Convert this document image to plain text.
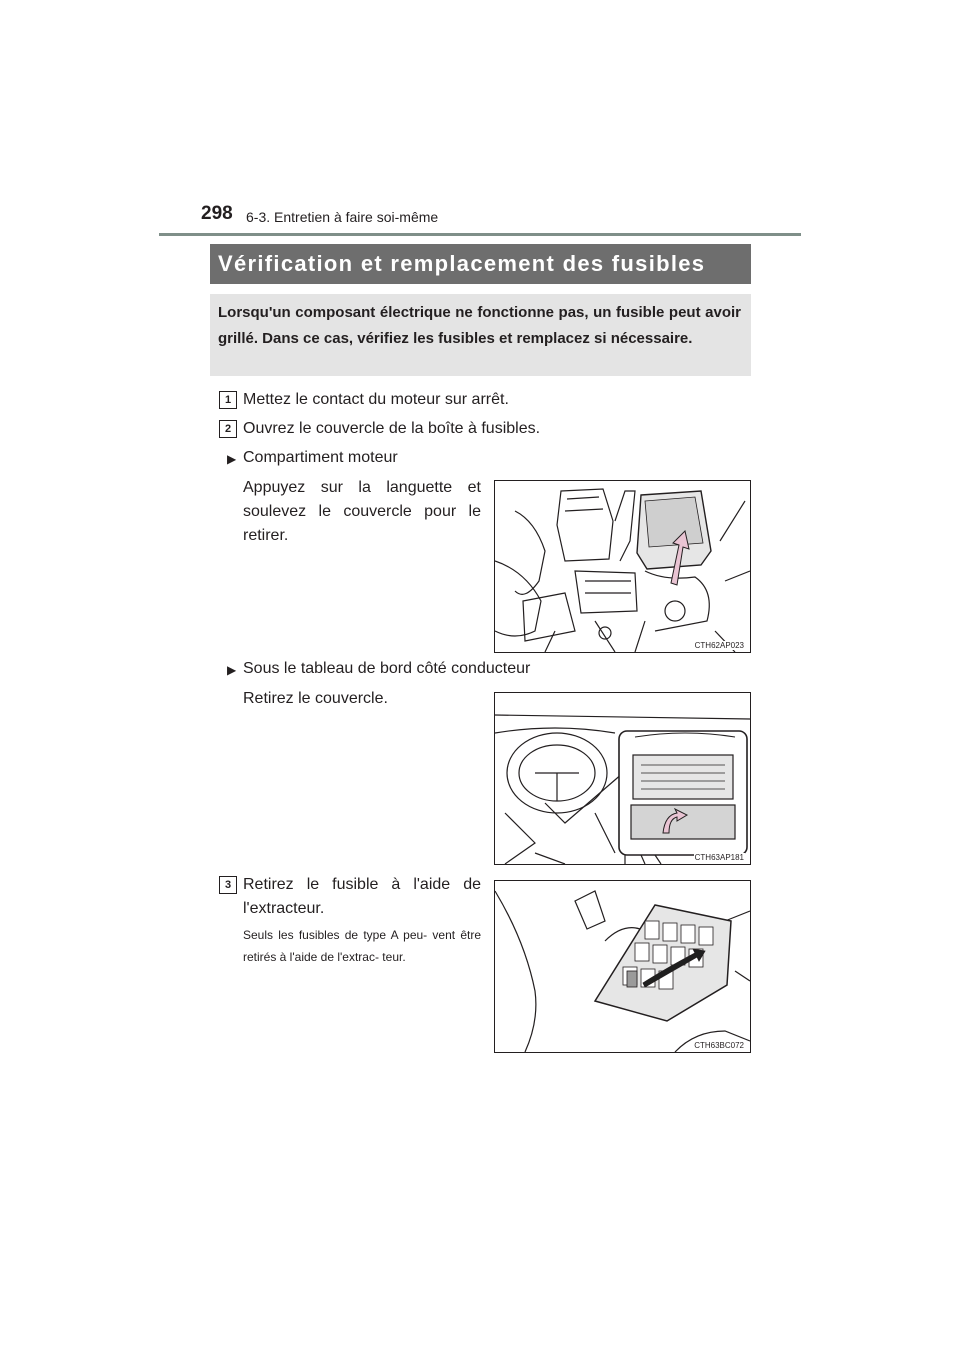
298 6-3. Entretien à faire soi-même
Vérification et remplacement des fusibles

Lorsqu'un composant électrique ne fonctionne pas, un fusible peut avoir grillé. Dans ce cas, vérifiez les fusibles et remplacez si nécessaire.

1 Mettez le contact du moteur sur arrêt.
2 Ouvrez le couvercle de la boîte à fusibles.
▶ Compartiment moteur

Appuyez sur la languette et soulevez le couvercle pour le retirer.

CTH62AP023
▶ Sous le tableau de bord côté conducteur
Retirez le couvercle.
CTH63AP181
3 Retirez le fusible à l'aide de l'extracteur.

Seuls les fusibles de type A peu- vent être retirés à l'aide de l'extrac- teur.

CTH63BC072
